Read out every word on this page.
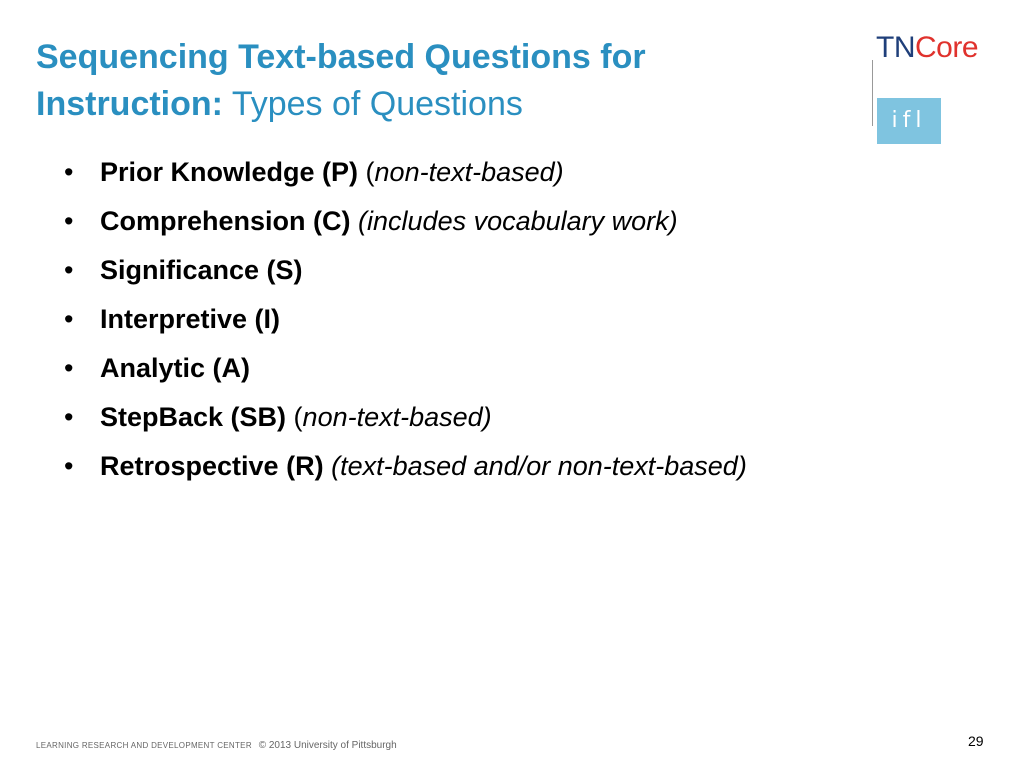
Sequencing Text-based Questions for Instruction: Types of Questions
TNCore
ifl
• Prior Knowledge (P) (non-text-based)
• Comprehension (C) (includes vocabulary work)
• Significance (S)
• Interpretive (I)
• Analytic (A)
• StepBack (SB) (non-text-based)
• Retrospective (R) (text-based and/or non-text-based)
LEARNING RESEARCH AND DEVELOPMENT CENTER © 2013 University of Pittsburgh	29
